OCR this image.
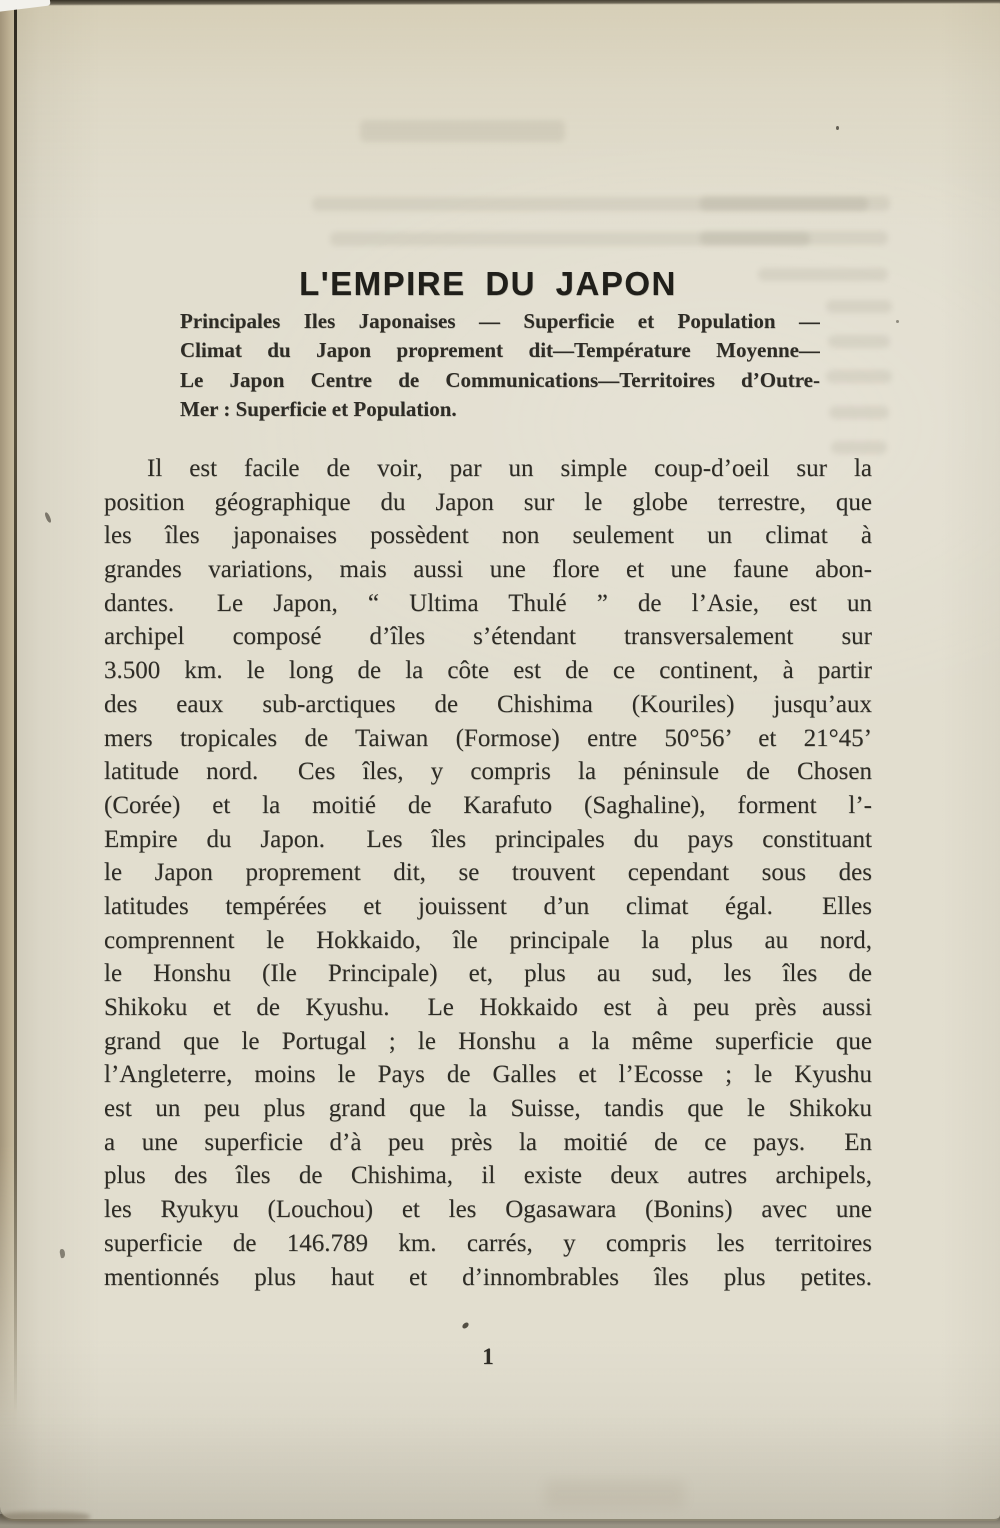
L'EMPIRE DU JAPON
Principales Iles Japonaises — Superficie et Population —
Climat du Japon proprement dit—Température Moyenne—
Le Japon Centre de Communications—Territoires d’Outre-
Mer : Superficie et Population.
Il est facile de voir, par un simple coup-d’oeil sur la
position géographique du Japon sur le globe terrestre, que
les îles japonaises possèdent non seulement un climat à
grandes variations, mais aussi une flore et une faune abon-
dantes.  Le Japon, “ Ultima Thulé ” de l’Asie, est un
archipel composé d’îles s’étendant transversalement sur
3.500 km. le long de la côte est de ce continent, à partir
des eaux sub-arctiques de Chishima (Kouriles) jusqu’aux
mers tropicales de Taiwan (Formose) entre 50°56’ et 21°45’
latitude nord.  Ces îles, y compris la péninsule de Chosen
(Corée) et la moitié de Karafuto (Saghaline), forment l’-
Empire du Japon.  Les îles principales du pays constituant
le Japon proprement dit, se trouvent cependant sous des
latitudes tempérées et jouissent d’un climat égal.  Elles
comprennent le Hokkaido, île principale la plus au nord,
le Honshu (Ile Principale) et, plus au sud, les îles de
Shikoku et de Kyushu.  Le Hokkaido est à peu près aussi
grand que le Portugal ; le Honshu a la même superficie que
l’Angleterre, moins le Pays de Galles et l’Ecosse ; le Kyushu
est un peu plus grand que la Suisse, tandis que le Shikoku
a une superficie d’à peu près la moitié de ce pays.  En
plus des îles de Chishima, il existe deux autres archipels,
les Ryukyu (Louchou) et les Ogasawara (Bonins) avec une
superficie de 146.789 km. carrés, y compris les territoires
mentionnés plus haut et d’innombrables îles plus petites.
1
